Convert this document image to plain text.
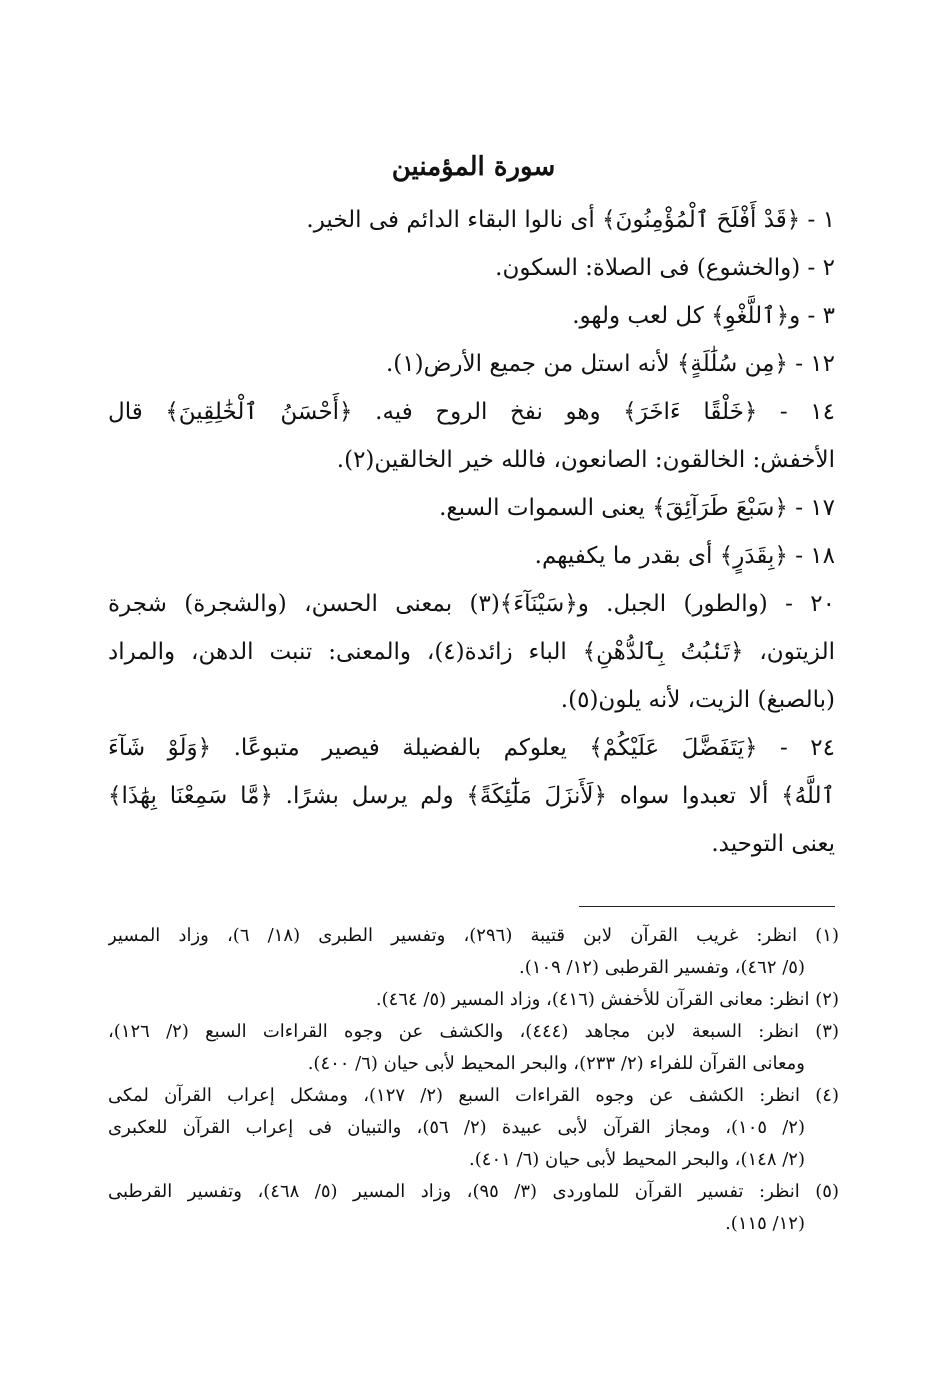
سورة المؤمنين
١ - ﴿قَدْ أَفْلَحَ ٱلْمُؤْمِنُونَ﴾ أى نالوا البقاء الدائم فى الخير.
٢ - (والخشوع) فى الصلاة: السكون.
٣ - و﴿ٱللَّغْوِ﴾ كل لعب ولهو.
١٢ - ﴿مِن سُلَٰلَةٍ﴾ لأنه استل من جميع الأرض(١).
١٤ - ﴿خَلْقًا ءَاخَرَ﴾ وهو نفخ الروح فيه. ﴿أَحْسَنُ ٱلْخَٰلِقِينَ﴾ قال
الأخفش: الخالقون: الصانعون، فالله خير الخالقين(٢).
١٧ - ﴿سَبْعَ طَرَآئِقَ﴾ يعنى السموات السبع.
١٨ - ﴿بِقَدَرٍ﴾ أى بقدر ما يكفيهم.
٢٠ - (والطور) الجبل. و﴿سَيْنَآءَ﴾(٣) بمعنى الحسن، (والشجرة) شجرة
الزيتون، ﴿تَنۢبُتُ بِٱلدُّهْنِ﴾ الباء زائدة(٤)، والمعنى: تنبت الدهن، والمراد
(بالصبغ) الزيت، لأنه يلون(٥).
٢٤ - ﴿يَتَفَضَّلَ عَلَيْكُمْ﴾ يعلوكم بالفضيلة فيصير متبوعًا. ﴿وَلَوْ شَآءَ
ٱللَّهُ﴾ ألا تعبدوا سواه ﴿لَأَنزَلَ مَلَٰٓئِكَةً﴾ ولم يرسل بشرًا. ﴿مَّا سَمِعْنَا بِهَٰذَا﴾
يعنى التوحيد.
(١) انظر: غريب القرآن لابن قتيبة (٢٩٦)، وتفسير الطبرى (١٨/ ٦)، وزاد المسير
(٥/ ٤٦٢)، وتفسير القرطبى (١٢/ ١٠٩).
(٢) انظر: معانى القرآن للأخفش (٤١٦)، وزاد المسير (٥/ ٤٦٤).
(٣) انظر: السبعة لابن مجاهد (٤٤٤)، والكشف عن وجوه القراءات السبع (٢/ ١٢٦)،
ومعانى القرآن للفراء (٢/ ٢٣٣)، والبحر المحيط لأبى حيان (٦/ ٤٠٠).
(٤) انظر: الكشف عن وجوه القراءات السبع (٢/ ١٢٧)، ومشكل إعراب القرآن لمكى
(٢/ ١٠٥)، ومجاز القرآن لأبى عبيدة (٢/ ٥٦)، والتبيان فى إعراب القرآن للعكبرى
(٢/ ١٤٨)، والبحر المحيط لأبى حيان (٦/ ٤٠١).
(٥) انظر: تفسير القرآن للماوردى (٣/ ٩٥)، وزاد المسير (٥/ ٤٦٨)، وتفسير القرطبى
(١٢/ ١١٥).
